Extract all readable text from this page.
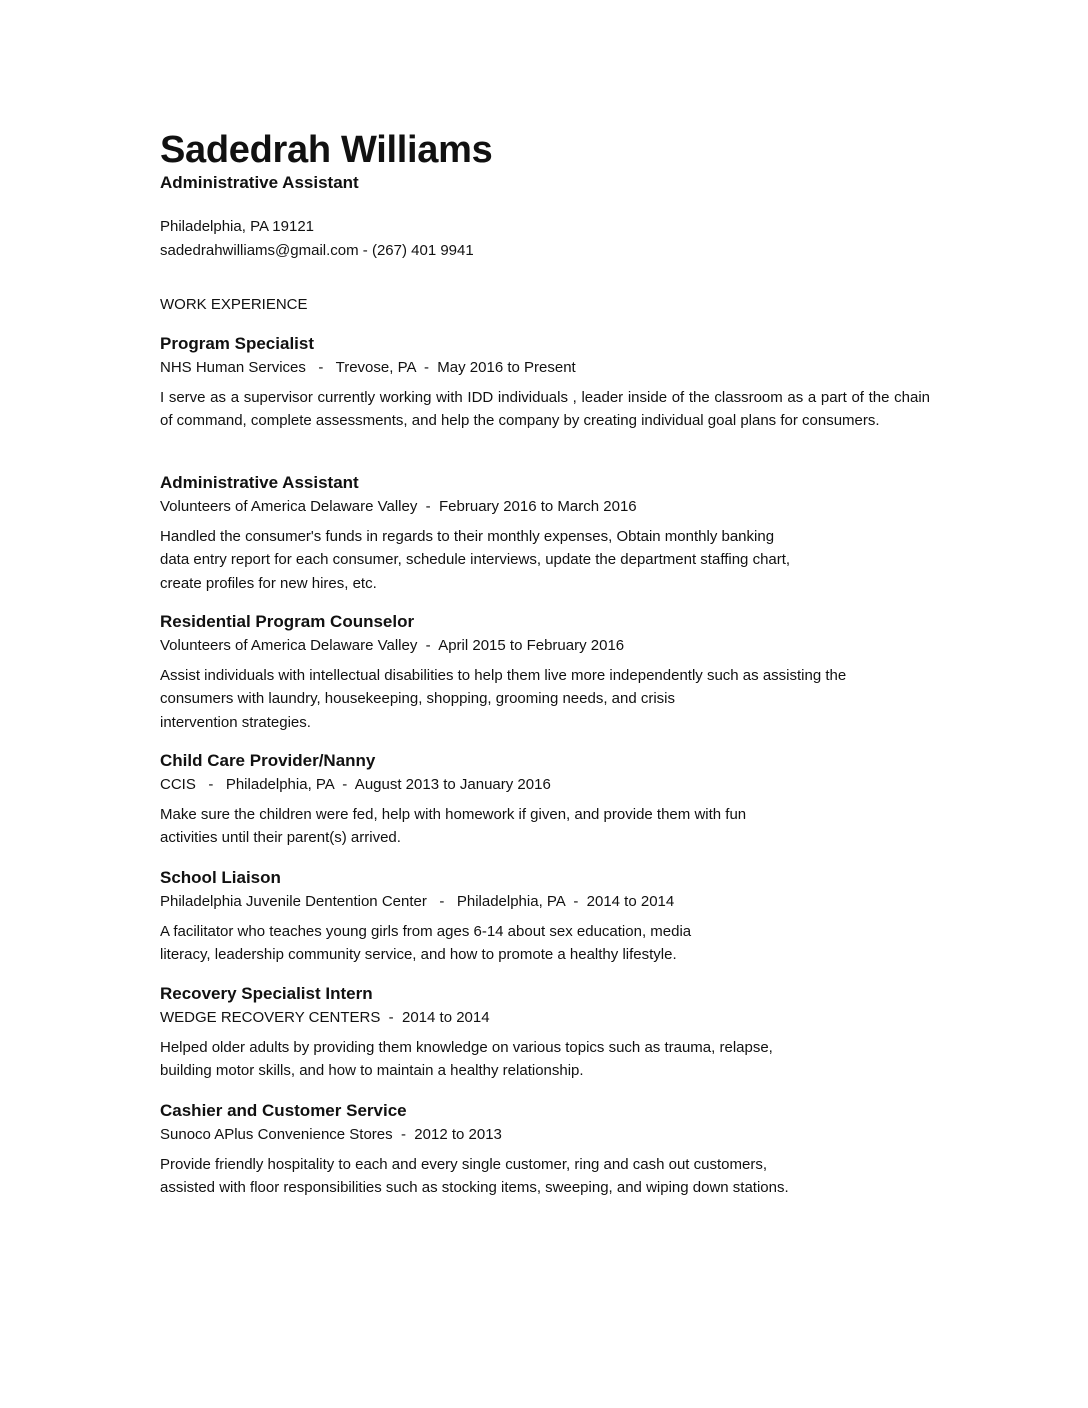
Sadedrah Williams
Administrative Assistant
Philadelphia, PA 19121
sadedrahwilliams@gmail.com - (267) 401 9941
WORK EXPERIENCE
Program Specialist
NHS Human Services   -   Trevose, PA  -  May 2016 to Present
I serve as a supervisor currently working with IDD individuals , leader inside of the classroom as a part of the chain of command, complete assessments, and help the company by creating individual goal plans for consumers.
Administrative Assistant
Volunteers of America Delaware Valley  -  February 2016 to March 2016
Handled the consumer's funds in regards to their monthly expenses, Obtain monthly banking
data entry report for each consumer, schedule interviews, update the department staffing chart,
create profiles for new hires, etc.
Residential Program Counselor
Volunteers of America Delaware Valley  -  April 2015 to February 2016
Assist individuals with intellectual disabilities to help them live more independently such as assisting the
consumers with laundry, housekeeping, shopping, grooming needs, and crisis
intervention strategies.
Child Care Provider/Nanny
CCIS   -   Philadelphia, PA  -  August 2013 to January 2016
Make sure the children were fed, help with homework if given, and provide them with fun
activities until their parent(s) arrived.
School Liaison
Philadelphia Juvenile Dentention Center   -   Philadelphia, PA  -  2014 to 2014
A facilitator who teaches young girls from ages 6-14 about sex education, media
literacy, leadership community service, and how to promote a healthy lifestyle.
Recovery Specialist Intern
WEDGE RECOVERY CENTERS  -  2014 to 2014
Helped older adults by providing them knowledge on various topics such as trauma, relapse,
building motor skills, and how to maintain a healthy relationship.
Cashier and Customer Service
Sunoco APlus Convenience Stores  -  2012 to 2013
Provide friendly hospitality to each and every single customer, ring and cash out customers,
assisted with floor responsibilities such as stocking items, sweeping, and wiping down stations.
